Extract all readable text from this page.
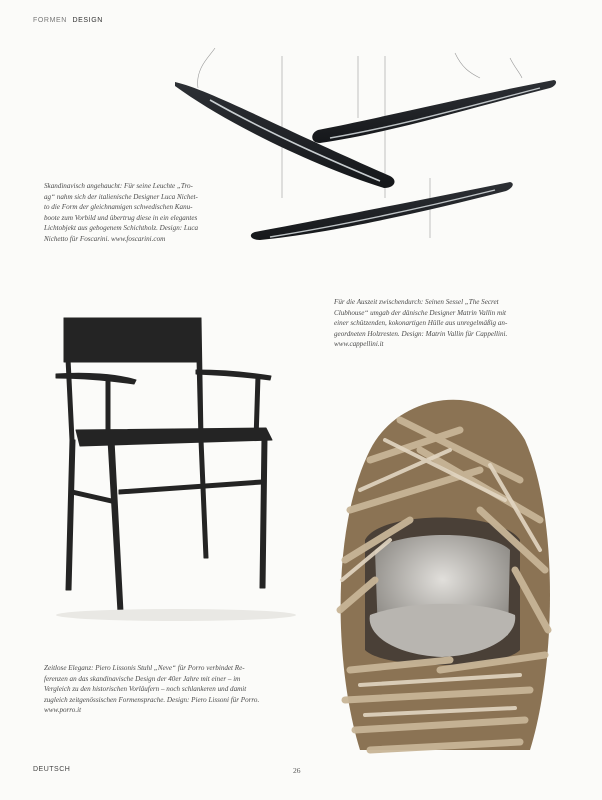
FORMEN DESIGN

Skandinavisch angehaucht: Für seine Leuchte „Tro-

ag“ nahm sich der italienische Designer Luca Nichet-

to die Form der gleichnamigen schwedischen Kanu-

boote zum Vorbild und übertrug diese in ein elegantes

Lichtobjekt aus gebogenem Schichtholz. Design: Luca

Nichetto für Foscarini. www.foscarini.com

Für die Auszeit zwischendurch: Seinen Sessel „The Secret

Clubhouse“ umgab der dänische Designer Matrin Vallin mit

einer schützenden, kokonartigen Hülle aus unregelmäßig an-

geordneten Holzresten. Design: Matrin Vallin für Cappellini.

www.cappellini.it

Zeitlose Eleganz: Piero Lissonis Stuhl „Neve“ für Porro verbindet Re-

ferenzen an das skandinavische Design der 40er Jahre mit einer – im

Vergleich zu den historischen Vorläufern – noch schlankeren und damit

zugleich zeitgenössischen Formensprache. Design: Piero Lissoni für Porro.

www.porro.it

DEUTSCH	26
